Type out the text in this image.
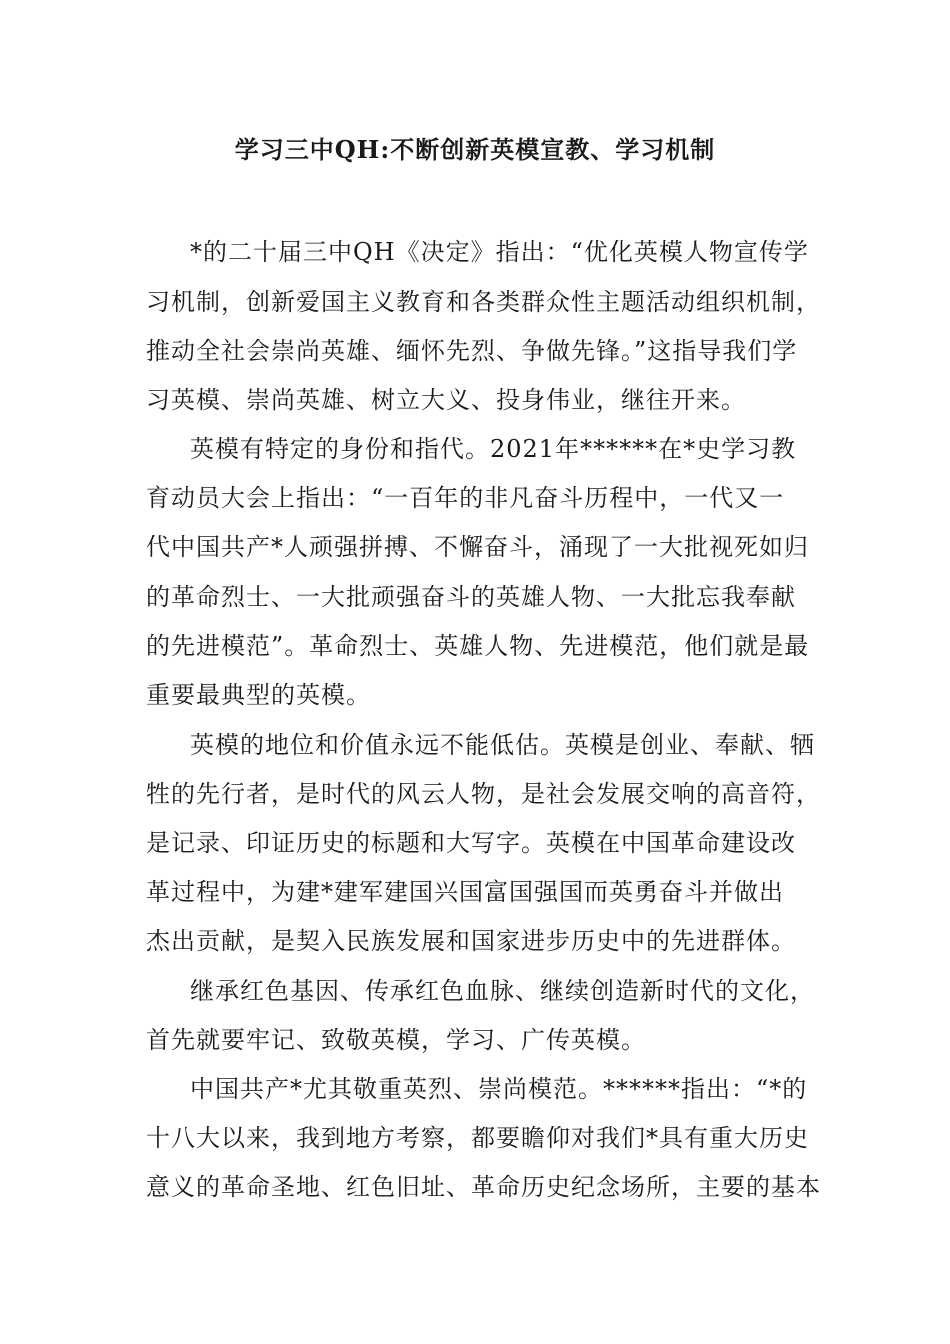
学习三中QH:不断创新英模宣教、学习机制
*的二十届三中QH《决定》指出：“优化英模人物宣传学
习机制，创新爱国主义教育和各类群众性主题活动组织机制，
推动全社会崇尚英雄、缅怀先烈、争做先锋。”这指导我们学
习英模、崇尚英雄、树立大义、投身伟业，继往开来。
英模有特定的身份和指代。2021年******在*史学习教
育动员大会上指出：“一百年的非凡奋斗历程中，一代又一
代中国共产*人顽强拼搏、不懈奋斗，涌现了一大批视死如归
的革命烈士、一大批顽强奋斗的英雄人物、一大批忘我奉献
的先进模范”。革命烈士、英雄人物、先进模范，他们就是最
重要最典型的英模。
英模的地位和价值永远不能低估。英模是创业、奉献、牺
牲的先行者，是时代的风云人物，是社会发展交响的高音符，
是记录、印证历史的标题和大写字。英模在中国革命建设改
革过程中，为建*建军建国兴国富国强国而英勇奋斗并做出
杰出贡献，是契入民族发展和国家进步历史中的先进群体。
继承红色基因、传承红色血脉、继续创造新时代的文化，
首先就要牢记、致敬英模，学习、广传英模。
中国共产*尤其敬重英烈、崇尚模范。******指出：“*的
十八大以来，我到地方考察，都要瞻仰对我们*具有重大历史
意义的革命圣地、红色旧址、革命历史纪念场所，主要的基本
